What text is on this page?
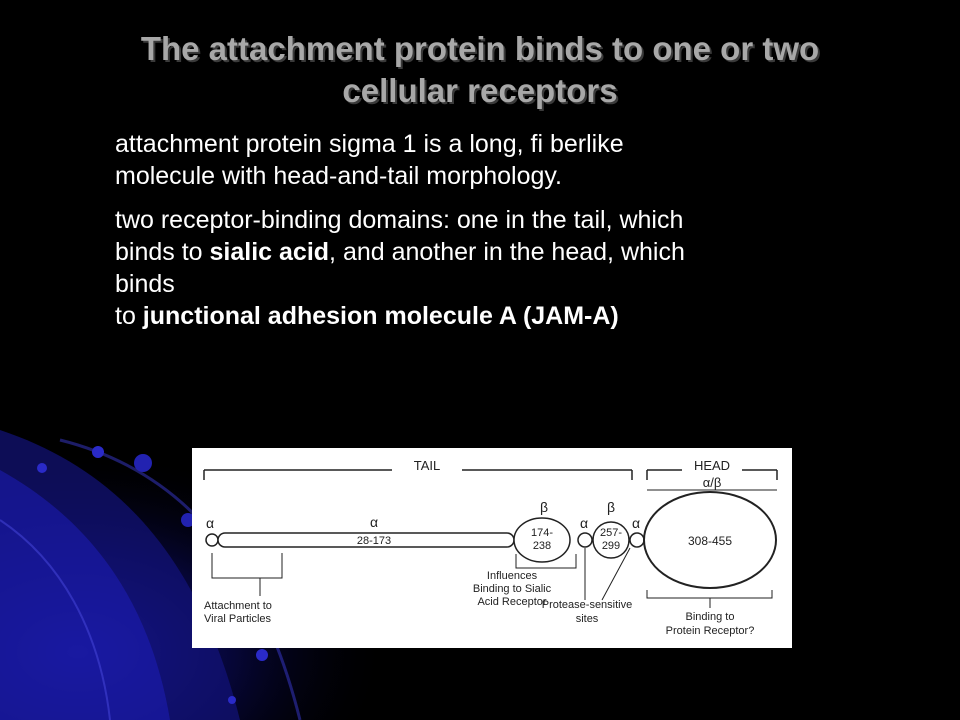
The attachment protein binds to one or two
cellular receptors

attachment protein sigma 1 is a long, fi berlike
molecule with head-and-tail morphology.

two receptor-binding domains: one in the tail, which
binds to sialic acid, and another in the head, which
binds
to junctional adhesion molecule A (JAM-A)

TAIL	HEAD
α/β
α	α
28-173
β
174-
238
α
β
257-
299
α
308-455
Attachment to
Viral Particles
Influences
Binding to Sialic
Acid Receptor
Protease-sensitive
sites	Binding to
Protein Receptor?
